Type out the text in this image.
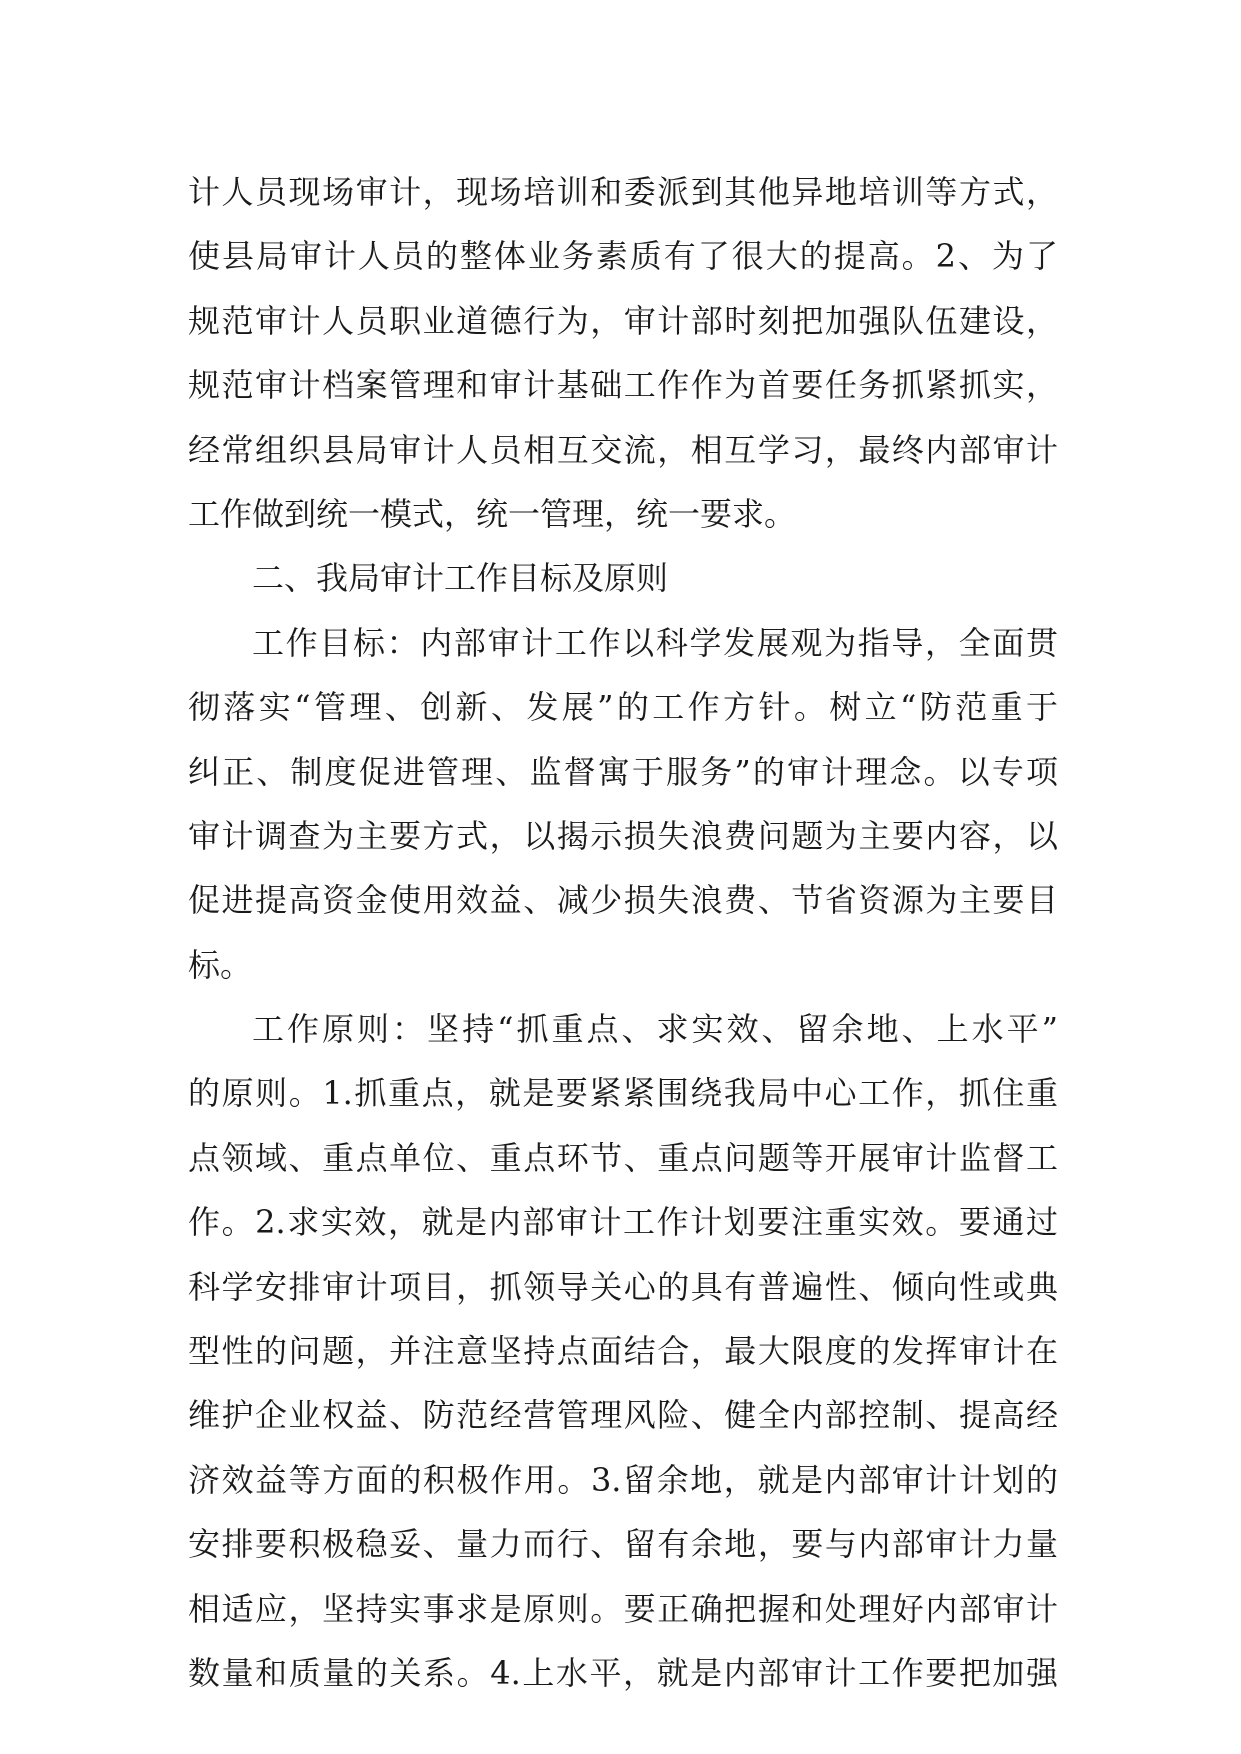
计人员现场审计，现场培训和委派到其他异地培训等方式，
使县局审计人员的整体业务素质有了很大的提高。2、为了
规范审计人员职业道德行为，审计部时刻把加强队伍建设，
规范审计档案管理和审计基础工作作为首要任务抓紧抓实，
经常组织县局审计人员相互交流，相互学习，最终内部审计
工作做到统一模式，统一管理，统一要求。
二、我局审计工作目标及原则
工作目标：内部审计工作以科学发展观为指导，全面贯
彻落实“管理、创新、发展”的工作方针。树立“防范重于
纠正、制度促进管理、监督寓于服务”的审计理念。以专项
审计调查为主要方式，以揭示损失浪费问题为主要内容，以
促进提高资金使用效益、减少损失浪费、节省资源为主要目
标。
工作原则：坚持“抓重点、求实效、留余地、上水平”
的原则。1.抓重点，就是要紧紧围绕我局中心工作，抓住重
点领域、重点单位、重点环节、重点问题等开展审计监督工
作。2.求实效，就是内部审计工作计划要注重实效。要通过
科学安排审计项目，抓领导关心的具有普遍性、倾向性或典
型性的问题，并注意坚持点面结合，最大限度的发挥审计在
维护企业权益、防范经营管理风险、健全内部控制、提高经
济效益等方面的积极作用。3.留余地，就是内部审计计划的
安排要积极稳妥、量力而行、留有余地，要与内部审计力量
相适应，坚持实事求是原则。要正确把握和处理好内部审计
数量和质量的关系。4.上水平，就是内部审计工作要把加强
